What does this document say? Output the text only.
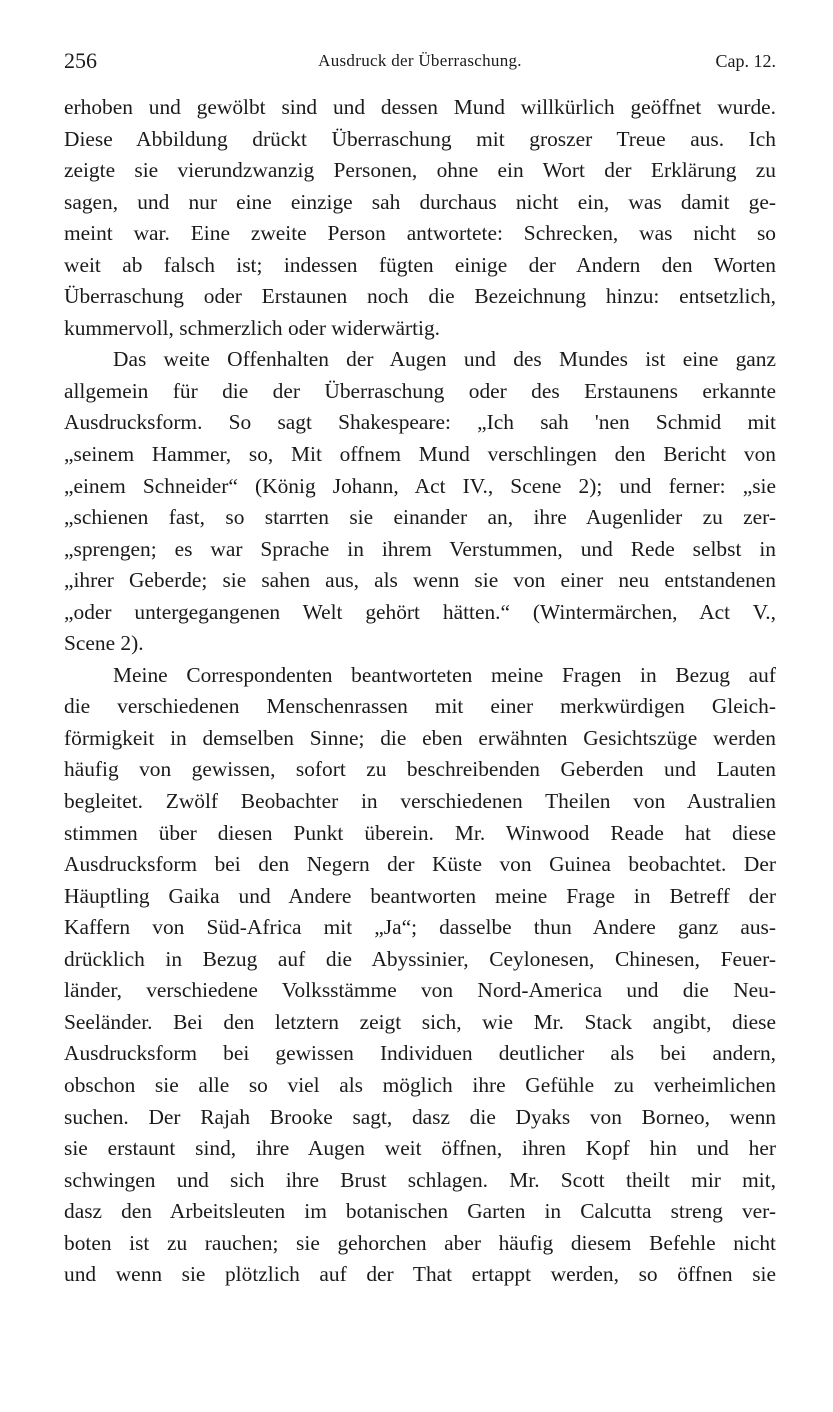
256	Ausdruck der Überraschung.	Cap. 12.
erhoben und gewölbt sind und dessen Mund willkürlich geöffnet wurde.
Diese Abbildung drückt Überraschung mit groszer Treue aus. Ich
zeigte sie vierundzwanzig Personen, ohne ein Wort der Erklärung zu
sagen, und nur eine einzige sah durchaus nicht ein, was damit ge-
meint war. Eine zweite Person antwortete: Schrecken, was nicht so
weit ab falsch ist; indessen fügten einige der Andern den Worten
Überraschung oder Erstaunen noch die Bezeichnung hinzu: entsetzlich,
kummervoll, schmerzlich oder widerwärtig.
Das weite Offenhalten der Augen und des Mundes ist eine ganz
allgemein für die der Überraschung oder des Erstaunens erkannte
Ausdrucksform. So sagt Shakespeare: „Ich sah 'nen Schmid mit
„seinem Hammer, so, Mit offnem Mund verschlingen den Bericht von
„einem Schneider“ (König Johann, Act IV., Scene 2); und ferner: „sie
„schienen fast, so starrten sie einander an, ihre Augenlider zu zer-
„sprengen; es war Sprache in ihrem Verstummen, und Rede selbst in
„ihrer Geberde; sie sahen aus, als wenn sie von einer neu entstandenen
„oder untergegangenen Welt gehört hätten.“ (Wintermärchen, Act V.,
Scene 2).
Meine Correspondenten beantworteten meine Fragen in Bezug auf
die verschiedenen Menschenrassen mit einer merkwürdigen Gleich-
förmigkeit in demselben Sinne; die eben erwähnten Gesichtszüge werden
häufig von gewissen, sofort zu beschreibenden Geberden und Lauten
begleitet. Zwölf Beobachter in verschiedenen Theilen von Australien
stimmen über diesen Punkt überein. Mr. Winwood Reade hat diese
Ausdrucksform bei den Negern der Küste von Guinea beobachtet. Der
Häuptling Gaika und Andere beantworten meine Frage in Betreff der
Kaffern von Süd-Africa mit „Ja“; dasselbe thun Andere ganz aus-
drücklich in Bezug auf die Abyssinier, Ceylonesen, Chinesen, Feuer-
länder, verschiedene Volksstämme von Nord-America und die Neu-
Seeländer. Bei den letztern zeigt sich, wie Mr. Stack angibt, diese
Ausdrucksform bei gewissen Individuen deutlicher als bei andern,
obschon sie alle so viel als möglich ihre Gefühle zu verheimlichen
suchen. Der Rajah Brooke sagt, dasz die Dyaks von Borneo, wenn
sie erstaunt sind, ihre Augen weit öffnen, ihren Kopf hin und her
schwingen und sich ihre Brust schlagen. Mr. Scott theilt mir mit,
dasz den Arbeitsleuten im botanischen Garten in Calcutta streng ver-
boten ist zu rauchen; sie gehorchen aber häufig diesem Befehle nicht
und wenn sie plötzlich auf der That ertappt werden, so öffnen sie
